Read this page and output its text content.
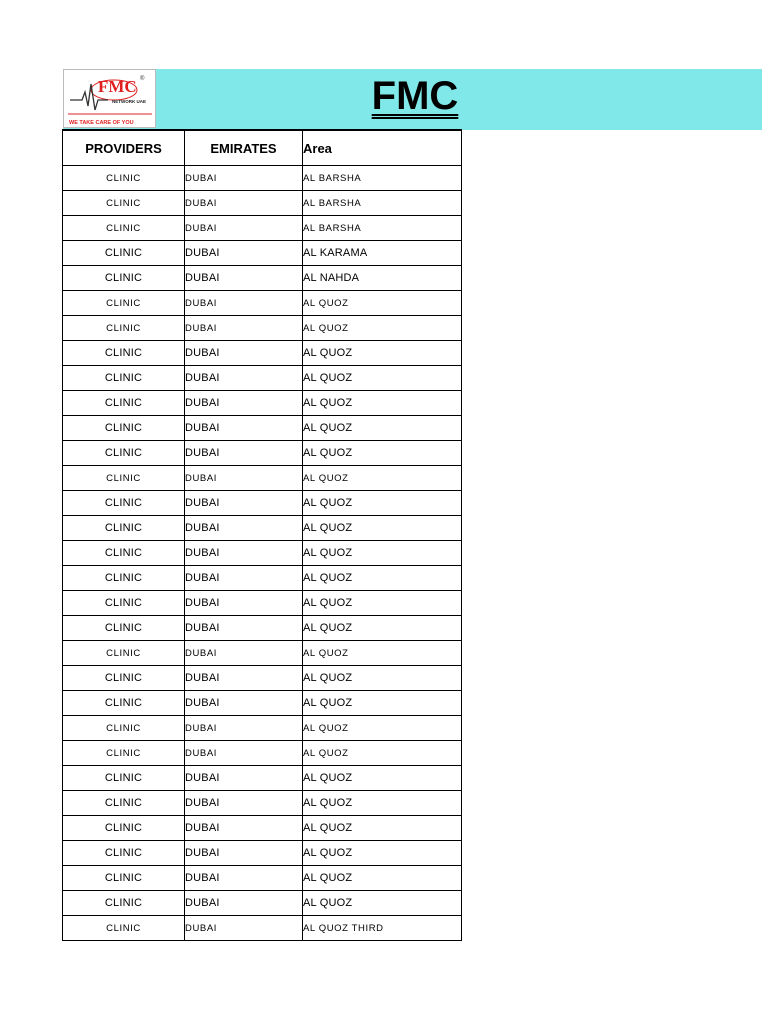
FMC ®
NETWORK UAE
WE TAKE CARE OF YOU
FMC
PROVIDERS	EMIRATES	Area
CLINIC	DUBAI	AL BARSHA
CLINIC	DUBAI	AL BARSHA
CLINIC	DUBAI	AL BARSHA
CLINIC	DUBAI	AL KARAMA
CLINIC	DUBAI	AL NAHDA
CLINIC	DUBAI	AL QUOZ
CLINIC	DUBAI	AL QUOZ
CLINIC	DUBAI	AL QUOZ
CLINIC	DUBAI	AL QUOZ
CLINIC	DUBAI	AL QUOZ
CLINIC	DUBAI	AL QUOZ
CLINIC	DUBAI	AL QUOZ
CLINIC	DUBAI	AL QUOZ
CLINIC	DUBAI	AL QUOZ
CLINIC	DUBAI	AL QUOZ
CLINIC	DUBAI	AL QUOZ
CLINIC	DUBAI	AL QUOZ
CLINIC	DUBAI	AL QUOZ
CLINIC	DUBAI	AL QUOZ
CLINIC	DUBAI	AL QUOZ
CLINIC	DUBAI	AL QUOZ
CLINIC	DUBAI	AL QUOZ
CLINIC	DUBAI	AL QUOZ
CLINIC	DUBAI	AL QUOZ
CLINIC	DUBAI	AL QUOZ
CLINIC	DUBAI	AL QUOZ
CLINIC	DUBAI	AL QUOZ
CLINIC	DUBAI	AL QUOZ
CLINIC	DUBAI	AL QUOZ
CLINIC	DUBAI	AL QUOZ
CLINIC	DUBAI	AL QUOZ THIRD
